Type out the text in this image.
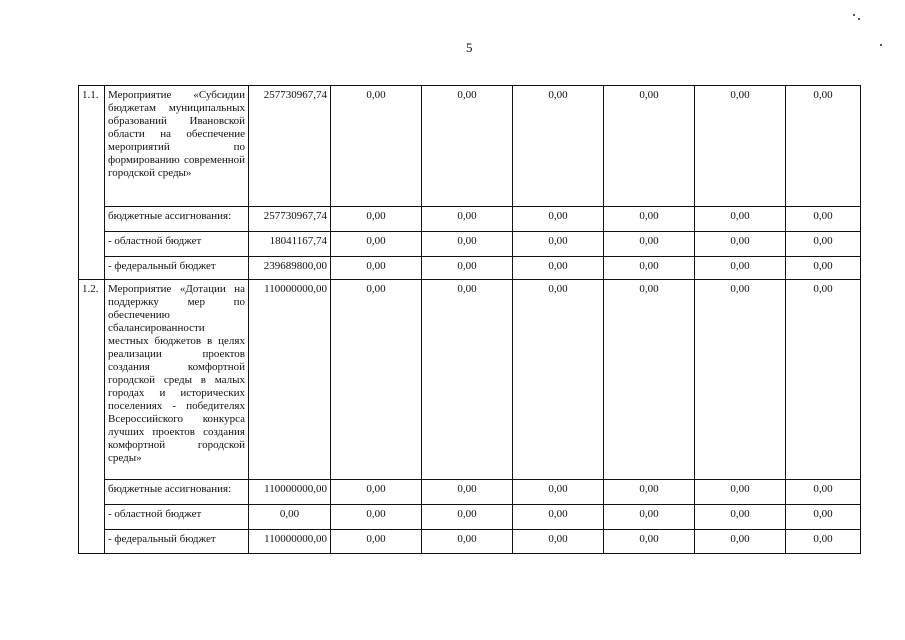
5
1.1.	Мероприятие «Субсидии бюджетам муниципальных образований Ивановской области на обеспечение мероприятий по формированию современной городской среды»	257730967,74	0,00	0,00	0,00	0,00	0,00	0,00
	бюджетные ассигнования:	257730967,74	0,00	0,00	0,00	0,00	0,00	0,00
	- областной бюджет	18041167,74	0,00	0,00	0,00	0,00	0,00	0,00
	- федеральный бюджет	239689800,00	0,00	0,00	0,00	0,00	0,00	0,00
1.2.	Мероприятие «Дотации на поддержку мер по обеспечению сбалансированности местных бюджетов в целях реализации проектов создания комфортной городской среды в малых городах и исторических поселениях - победителях Всероссийского конкурса лучших проектов создания комфортной городской среды»	110000000,00	0,00	0,00	0,00	0,00	0,00	0,00
	бюджетные ассигнования:	110000000,00	0,00	0,00	0,00	0,00	0,00	0,00
	- областной бюджет	0,00	0,00	0,00	0,00	0,00	0,00	0,00
	- федеральный бюджет	110000000,00	0,00	0,00	0,00	0,00	0,00	0,00
